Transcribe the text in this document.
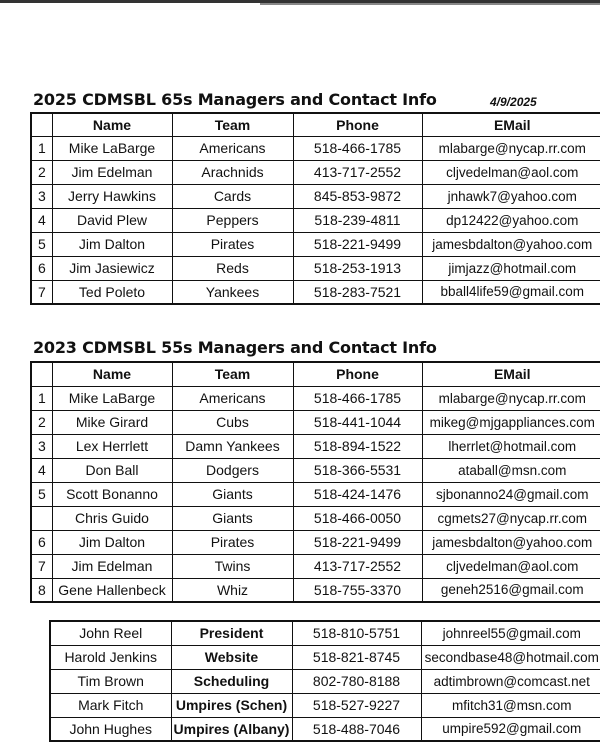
2025 CDMSBL 65s Managers and Contact Info	4/9/2025
	Name	Team	Phone	EMail
1	Mike LaBarge	Americans	518-466-1785	mlabarge@nycap.rr.com
2	Jim Edelman	Arachnids	413-717-2552	cljvedelman@aol.com
3	Jerry Hawkins	Cards	845-853-9872	jnhawk7@yahoo.com
4	David Plew	Peppers	518-239-4811	dp12422@yahoo.com
5	Jim Dalton	Pirates	518-221-9499	jamesbdalton@yahoo.com
6	Jim Jasiewicz	Reds	518-253-1913	jimjazz@hotmail.com
7	Ted Poleto	Yankees	518-283-7521	bball4life59@gmail.com
2023 CDMSBL 55s Managers and Contact Info
	Name	Team	Phone	EMail
1	Mike LaBarge	Americans	518-466-1785	mlabarge@nycap.rr.com
2	Mike Girard	Cubs	518-441-1044	mikeg@mjgappliances.com
3	Lex Herrlett	Damn Yankees	518-894-1522	lherrlet@hotmail.com
4	Don Ball	Dodgers	518-366-5531	ataball@msn.com
5	Scott Bonanno	Giants	518-424-1476	sjbonanno24@gmail.com
	Chris Guido	Giants	518-466-0050	cgmets27@nycap.rr.com
6	Jim Dalton	Pirates	518-221-9499	jamesbdalton@yahoo.com
7	Jim Edelman	Twins	413-717-2552	cljvedelman@aol.com
8	Gene Hallenbeck	Whiz	518-755-3370	geneh2516@gmail.com
John Reel	President	518-810-5751	johnreel55@gmail.com
Harold Jenkins	Website	518-821-8745	secondbase48@hotmail.com
Tim Brown	Scheduling	802-780-8188	adtimbrown@comcast.net
Mark Fitch	Umpires (Schen)	518-527-9227	mfitch31@msn.com
John Hughes	Umpires (Albany)	518-488-7046	umpire592@gmail.com
